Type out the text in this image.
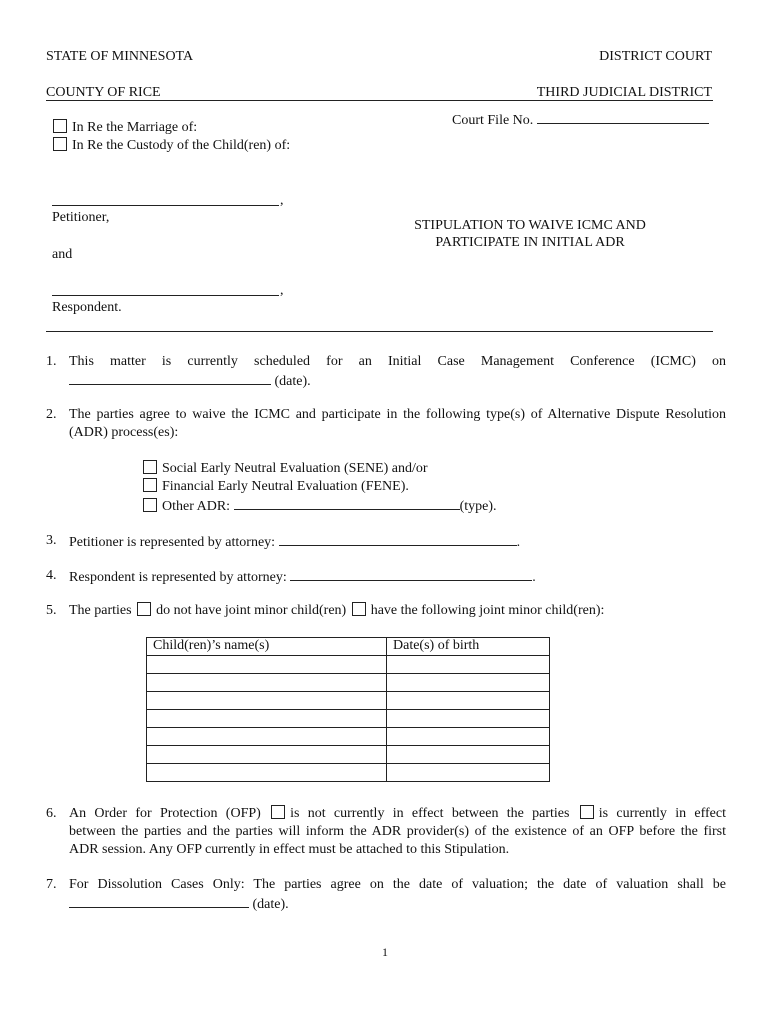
STATE OF MINNESOTA	DISTRICT COURT
COUNTY OF RICE	THIRD JUDICIAL DISTRICT
In Re the Marriage of:
In Re the Custody of the Child(ren) of:
Court File No.
,
Petitioner,
and
STIPULATION TO WAIVE ICMC AND
PARTICIPATE IN INITIAL ADR
,
Respondent.
1. This matter is currently scheduled for an Initial Case Management Conference (ICMC) on
(date).
2. The parties agree to waive the ICMC and participate in the following type(s) of Alternative Dispute Resolution
(ADR) process(es):
Social Early Neutral Evaluation (SENE) and/or
Financial Early Neutral Evaluation (FENE).
Other ADR:	(type).
3. Petitioner is represented by attorney:	.
4. Respondent is represented by attorney:	.
5. The parties do not have joint minor child(ren) have the following joint minor child(ren):
Child(ren)’s name(s)	Date(s) of birth

6. An Order for Protection (OFP) is not currently in effect between the parties is currently in effect
between the parties and the parties will inform the ADR provider(s) of the existence of an OFP before the first
ADR session. Any OFP currently in effect must be attached to this Stipulation.
7. For Dissolution Cases Only: The parties agree on the date of valuation; the date of valuation shall be
(date).
1
